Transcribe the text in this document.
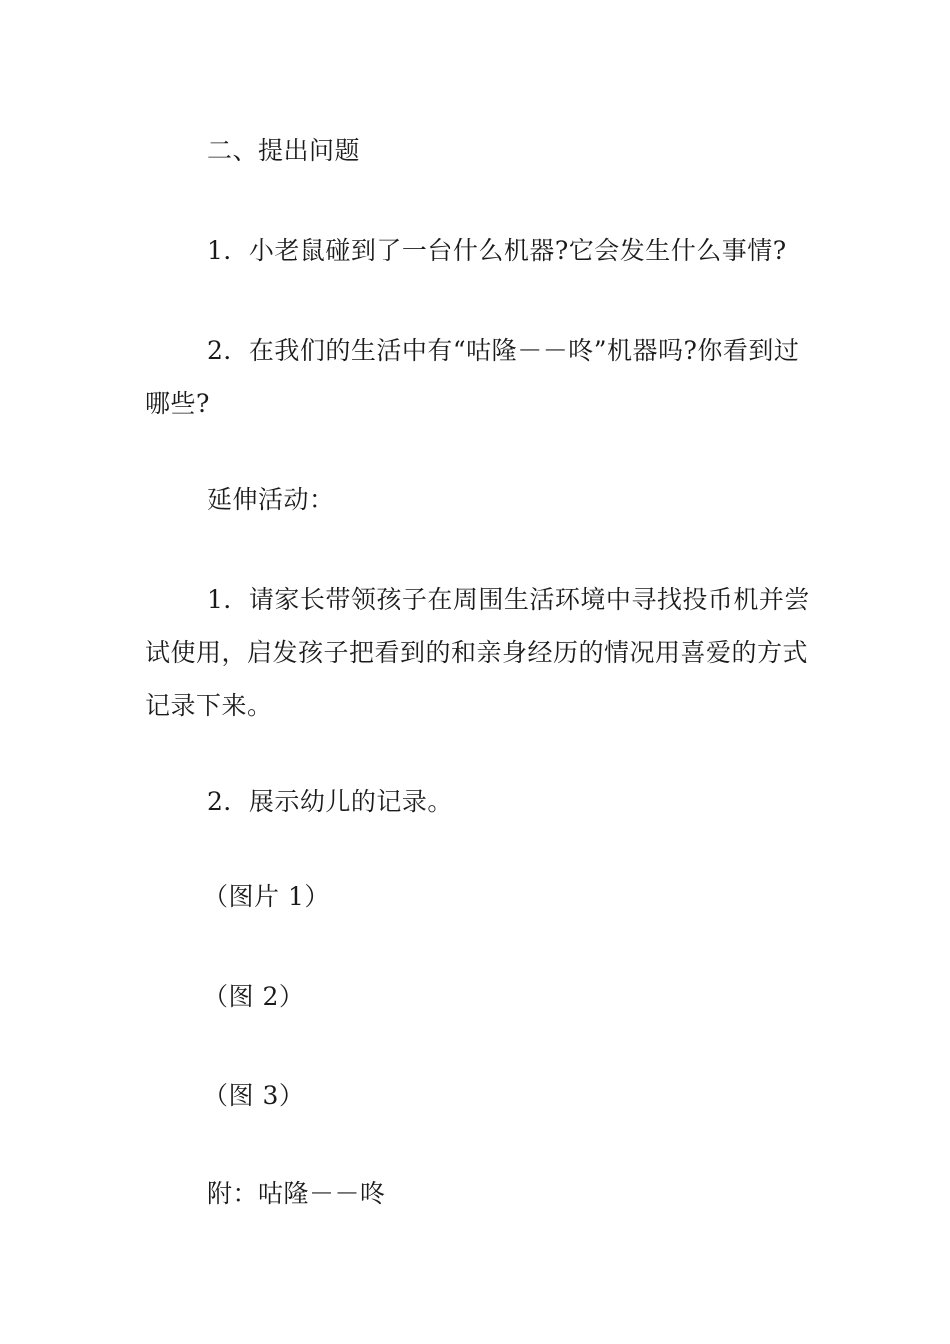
二、提出问题

1．小老鼠碰到了一台什么机器?它会发生什么事情?

2．在我们的生活中有“咕隆－－咚”机器吗?你看到过哪些?

延伸活动：

1．请家长带领孩子在周围生活环境中寻找投币机并尝试使用，启发孩子把看到的和亲身经历的情况用喜爱的方式记录下来。

2．展示幼儿的记录。

（图片 1）

（图 2）

（图 3）

附：咕隆－－咚
